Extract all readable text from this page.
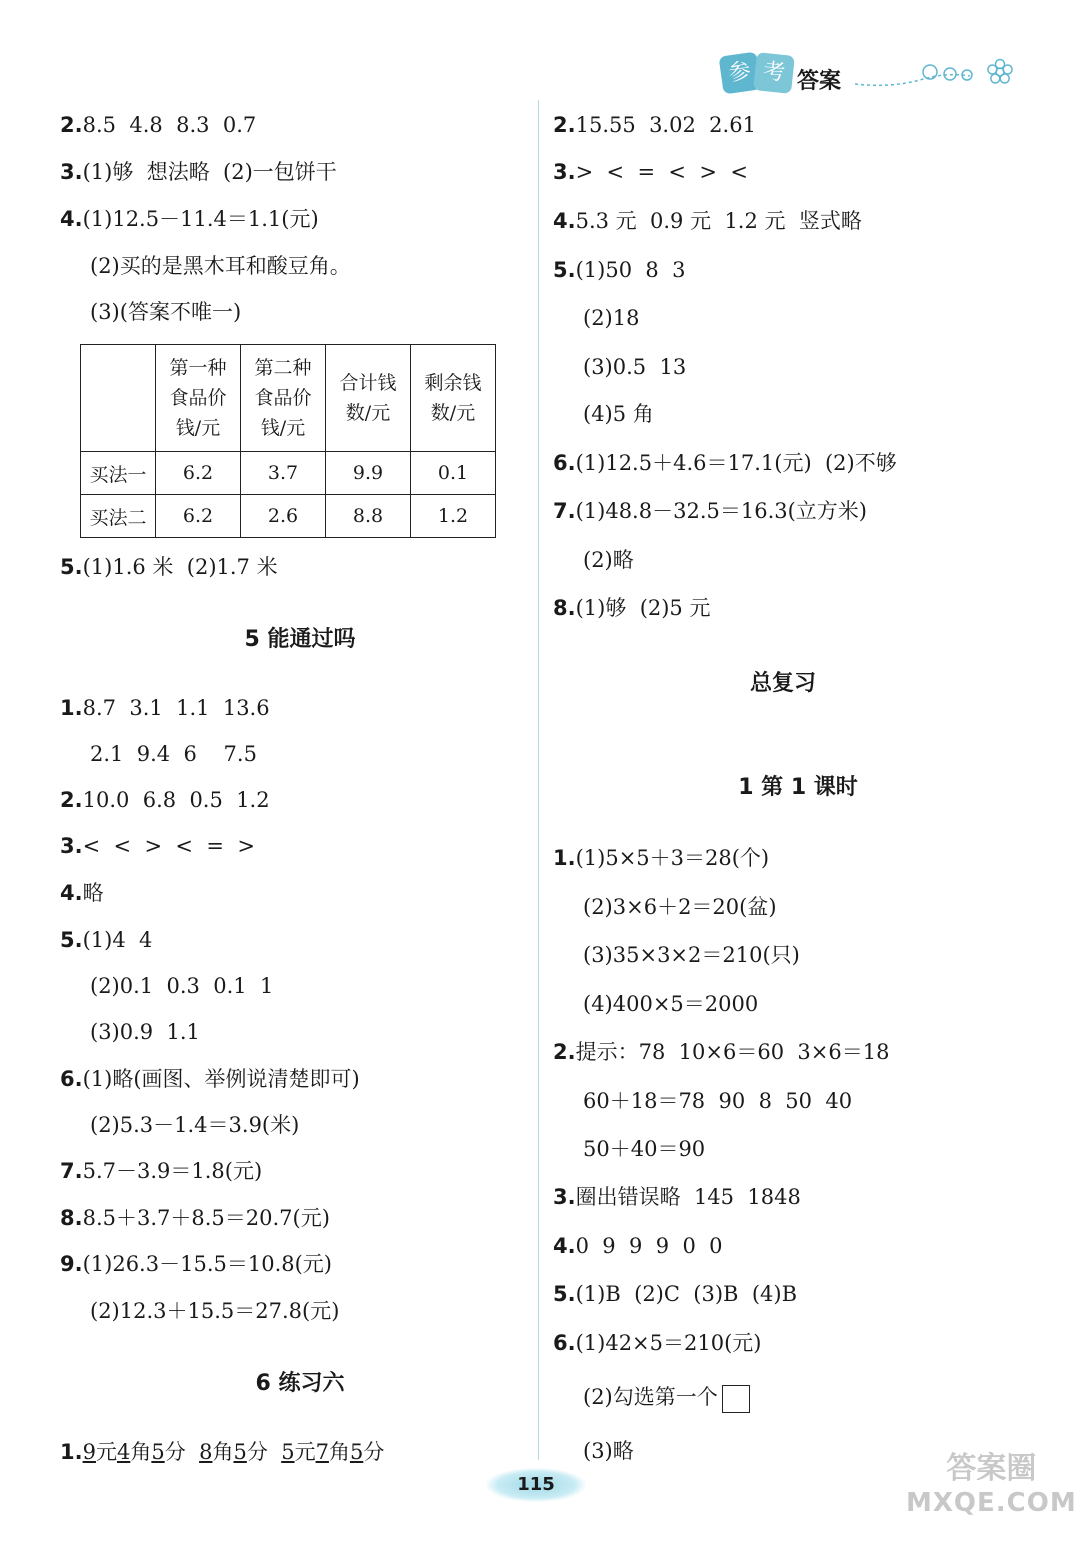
参 考 答案
2.8.5  4.8  8.3  0.7
3.(1)够  想法略  (2)一包饼干
4.(1)12.5－11.4＝1.1(元)
(2)买的是黑木耳和酸豆角。
(3)(答案不唯一)
5.(1)1.6 米  (2)1.7 米
5 能通过吗
1.8.7  3.1  1.1  13.6
2.1  9.4  6    7.5
2.10.0  6.8  0.5  1.2
3.<  <  >  <  =  >
4.略
5.(1)4  4
(2)0.1  0.3  0.1  1
(3)0.9  1.1
6.(1)略(画图、举例说清楚即可)
(2)5.3－1.4＝3.9(米)
7.5.7－3.9＝1.8(元)
8.8.5＋3.7＋8.5＝20.7(元)
9.(1)26.3－15.5＝10.8(元)
(2)12.3＋15.5＝27.8(元)
6 练习六
1.9元4角5分  8角5分  5元7角5分
	第一种
食品价
钱/元	第二种
食品价
钱/元	合计钱
数/元	剩余钱
数/元
买法一	6.2	3.7	9.9	0.1
买法二	6.2	2.6	8.8	1.2
2.15.55  3.02  2.61
3.>  <  =  <  >  <
4.5.3 元  0.9 元  1.2 元  竖式略
5.(1)50  8  3
(2)18
(3)0.5  13
(4)5 角
6.(1)12.5＋4.6＝17.1(元)  (2)不够
7.(1)48.8－32.5＝16.3(立方米)
(2)略
8.(1)够  (2)5 元
总复习
1 第 1 课时
1.(1)5×5＋3＝28(个)
(2)3×6＋2＝20(盆)
(3)35×3×2＝210(只)
(4)400×5＝2000
2.提示：78  10×6＝60  3×6＝18
60＋18＝78  90  8  50  40
50＋40＝90
3.圈出错误略  145  1848
4.0  9  9  9  0  0
5.(1)B  (2)C  (3)B  (4)B
6.(1)42×5＝210(元)
(2)勾选第一个
(3)略
115	答案圈
MXQE.COM
